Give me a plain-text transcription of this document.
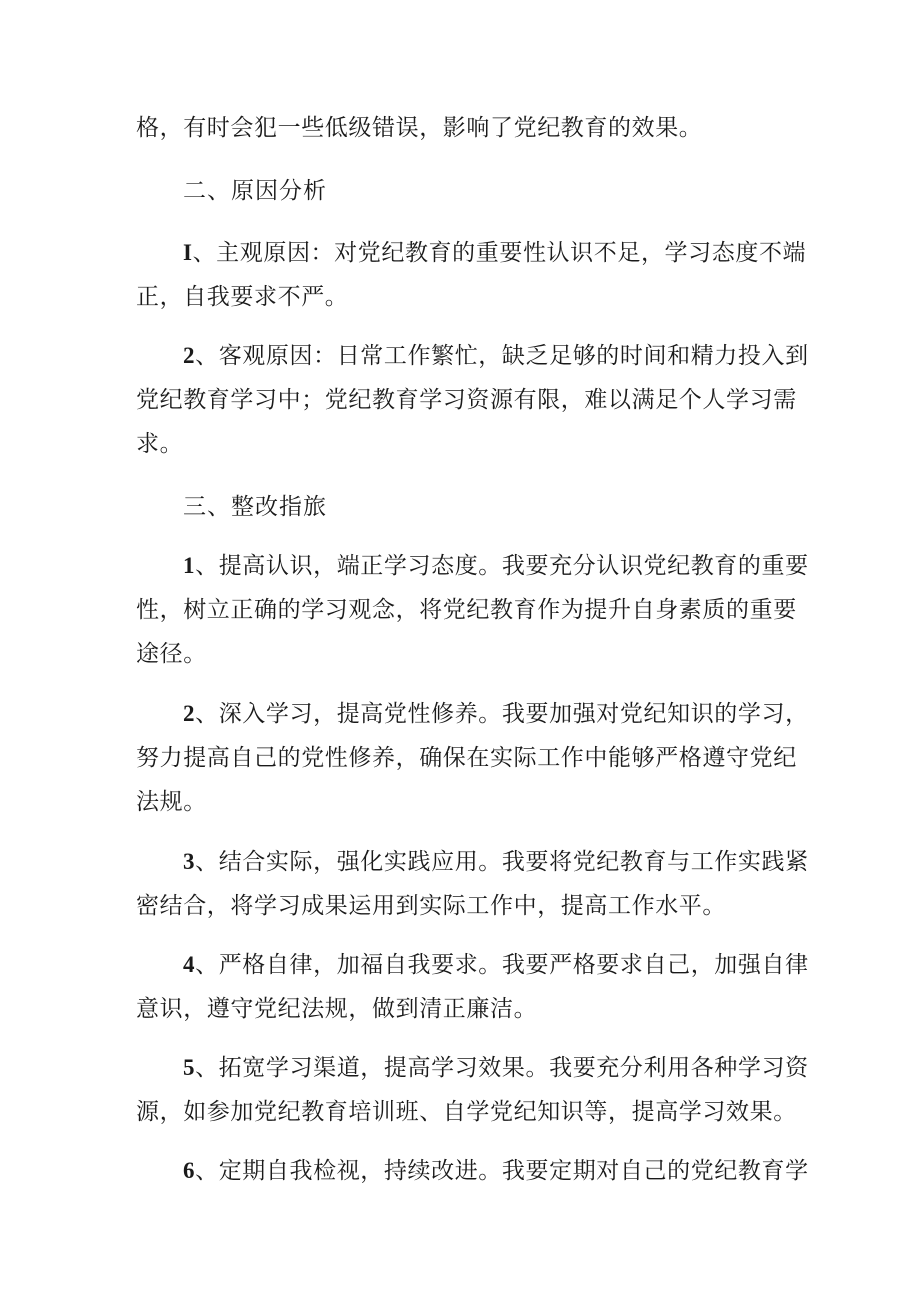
格，有时会犯一些低级错误，影响了党纪教育的效果。
二、原因分析
I、主观原因：对党纪教育的重要性认识不足，学习态度不端
正，自我要求不严。
2、客观原因：日常工作繁忙，缺乏足够的时间和精力投入到
党纪教育学习中；党纪教育学习资源有限，难以满足个人学习需
求。
三、整改指旅
1、提高认识，端正学习态度。我要充分认识党纪教育的重要
性，树立正确的学习观念，将党纪教育作为提升自身素质的重要
途径。
2、深入学习，提高党性修养。我要加强对党纪知识的学习，
努力提高自己的党性修养，确保在实际工作中能够严格遵守党纪
法规。
3、结合实际，强化实践应用。我要将党纪教育与工作实践紧
密结合，将学习成果运用到实际工作中，提高工作水平。
4、严格自律，加福自我要求。我要严格要求自己，加强自律
意识，遵守党纪法规，做到清正廉洁。
5、拓宽学习渠道，提高学习效果。我要充分利用各种学习资
源，如参加党纪教育培训班、自学党纪知识等，提高学习效果。
6、定期自我检视，持续改进。我要定期对自己的党纪教育学
